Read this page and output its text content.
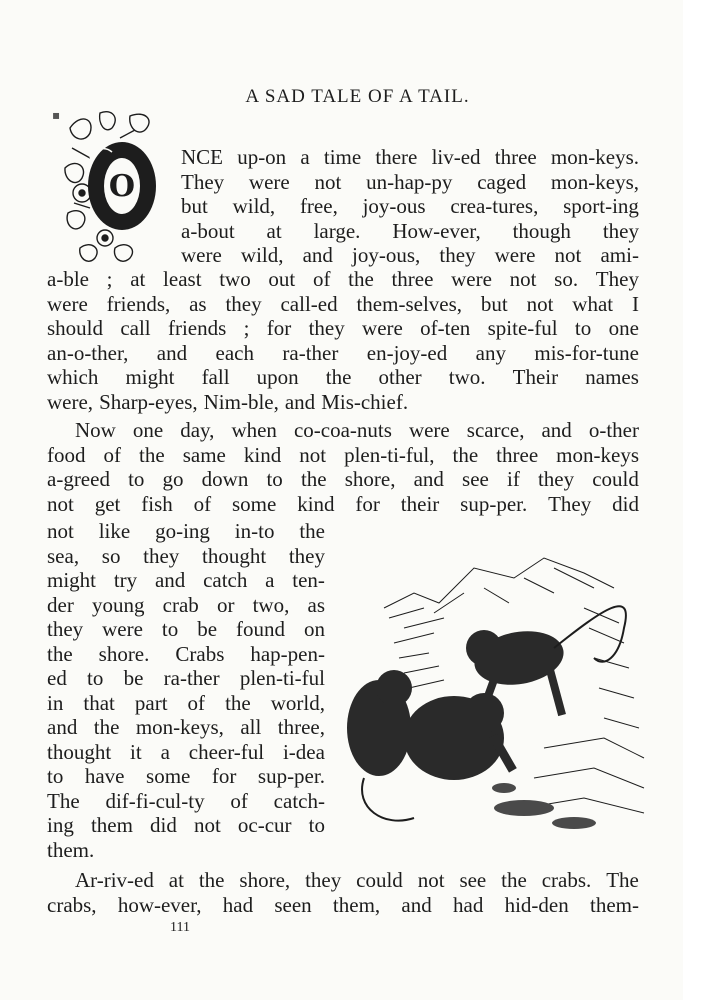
A SAD TALE OF A TAIL.
O
NCE up-on a time there liv-ed three mon-keys.
They were not un-hap-py caged mon-keys,
but wild, free, joy-ous crea-tures, sport-ing
a-bout at large. How-ever, though they
were wild, and joy-ous, they were not ami-
a-ble ; at least two out of the three were not so. They
were friends, as they call-ed them-selves, but not what I
should call friends ; for they were of-ten spite-ful to one
an-o-ther, and each ra-ther en-joy-ed any mis-for-tune
which might fall upon the other two. Their names
were, Sharp-eyes, Nim-ble, and Mis-chief.
Now one day, when co-coa-nuts were scarce, and o-ther
food of the same kind not plen-ti-ful, the three mon-keys
a-greed to go down to the shore, and see if they could
not get fish of some kind for their sup-per. They did
not like go-ing in-to the
sea, so they thought they
might try and catch a ten-
der young crab or two, as
they were to be found on
the shore. Crabs hap-pen-
ed to be ra-ther plen-ti-ful
in that part of the world,
and the mon-keys, all three,
thought it a cheer-ful i-dea
to have some for sup-per.
The dif-fi-cul-ty of catch-
ing them did not oc-cur to
them.
Ar-riv-ed at the shore, they could not see the crabs. The
crabs, how-ever, had seen them, and had hid-den them-
111
▪
